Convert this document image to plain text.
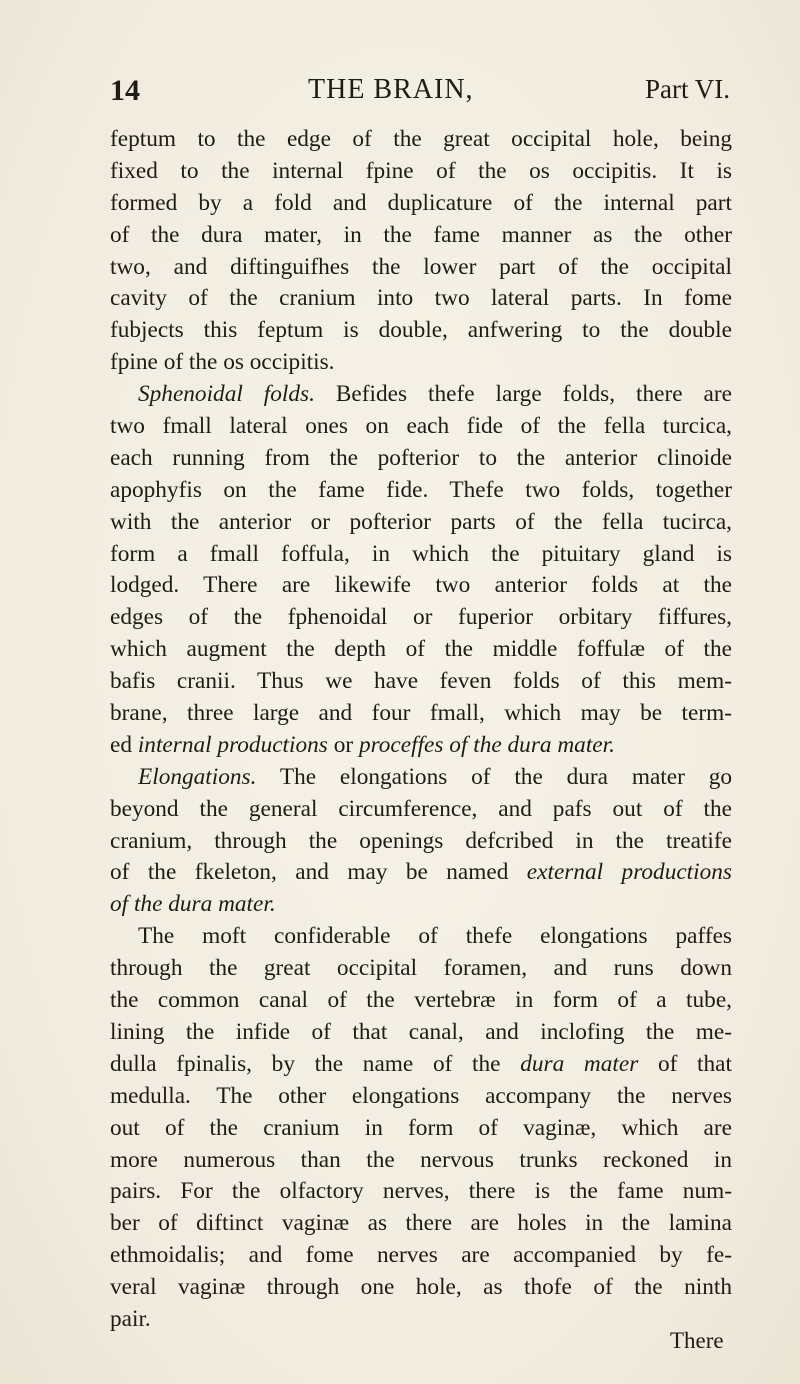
14	THE BRAIN,	Part VI.
feptum to the edge of the great occipital hole, being
fixed to the internal fpine of the os occipitis. It is
formed by a fold and duplicature of the internal part
of the dura mater, in the fame manner as the other
two, and diftinguifhes the lower part of the occipital
cavity of the cranium into two lateral parts. In fome
fubjects this feptum is double, anfwering to the double
fpine of the os occipitis.
Sphenoidal folds. Befides thefe large folds, there are
two fmall lateral ones on each fide of the fella turcica,
each running from the pofterior to the anterior clinoide
apophyfis on the fame fide. Thefe two folds, together
with the anterior or pofterior parts of the fella tucirca,
form a fmall foffula, in which the pituitary gland is
lodged. There are likewife two anterior folds at the
edges of the fphenoidal or fuperior orbitary fiffures,
which augment the depth of the middle foffulæ of the
bafis cranii. Thus we have feven folds of this mem-
brane, three large and four fmall, which may be term-
ed internal productions or proceffes of the dura mater.
Elongations. The elongations of the dura mater go
beyond the general circumference, and pafs out of the
cranium, through the openings defcribed in the treatife
of the fkeleton, and may be named external productions
of the dura mater.
The moft confiderable of thefe elongations paffes
through the great occipital foramen, and runs down
the common canal of the vertebræ in form of a tube,
lining the infide of that canal, and inclofing the me-
dulla fpinalis, by the name of the dura mater of that
medulla. The other elongations accompany the nerves
out of the cranium in form of vaginæ, which are
more numerous than the nervous trunks reckoned in
pairs. For the olfactory nerves, there is the fame num-
ber of diftinct vaginæ as there are holes in the lamina
ethmoidalis; and fome nerves are accompanied by fe-
veral vaginæ through one hole, as thofe of the ninth
pair.
There
